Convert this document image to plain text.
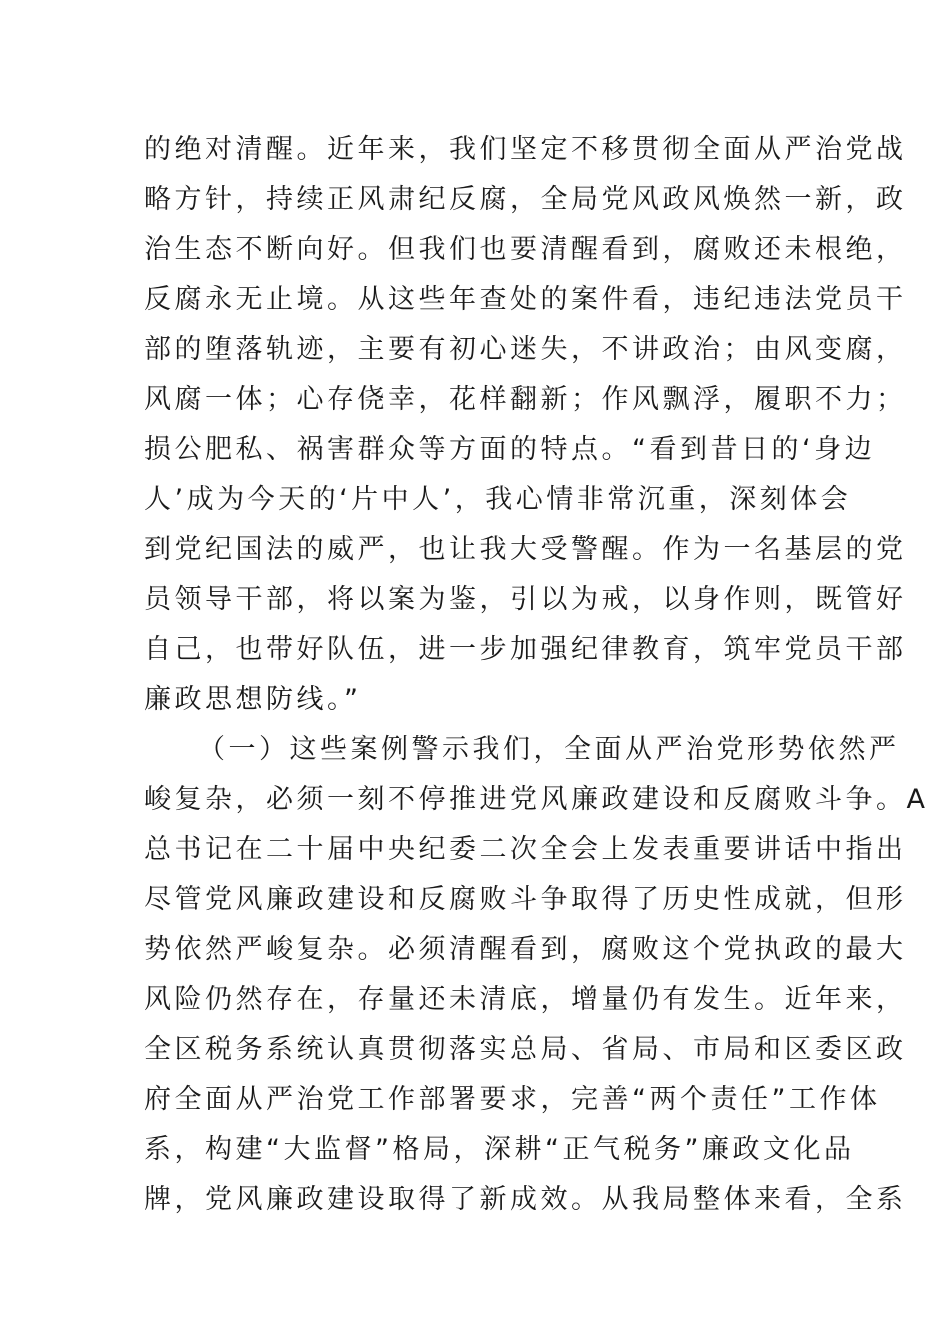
的绝对清醒。近年来，我们坚定不移贯彻全面从严治党战
略方针，持续正风肃纪反腐，全局党风政风焕然一新，政
治生态不断向好。但我们也要清醒看到，腐败还未根绝，
反腐永无止境。从这些年查处的案件看，违纪违法党员干
部的堕落轨迹，主要有初心迷失，不讲政治；由风变腐，
风腐一体；心存侥幸，花样翻新；作风飘浮，履职不力；
损公肥私、祸害群众等方面的特点。“看到昔日的‘身边
人’成为今天的‘片中人’，我心情非常沉重，深刻体会
到党纪国法的威严，也让我大受警醒。作为一名基层的党
员领导干部，将以案为鉴，引以为戒，以身作则，既管好
自己，也带好队伍，进一步加强纪律教育，筑牢党员干部
廉政思想防线。”
（一）这些案例警示我们，全面从严治党形势依然严
峻复杂，必须一刻不停推进党风廉政建设和反腐败斗争。A
总书记在二十届中央纪委二次全会上发表重要讲话中指出
尽管党风廉政建设和反腐败斗争取得了历史性成就，但形
势依然严峻复杂。必须清醒看到，腐败这个党执政的最大
风险仍然存在，存量还未清底，增量仍有发生。近年来，
全区税务系统认真贯彻落实总局、省局、市局和区委区政
府全面从严治党工作部署要求，完善“两个责任”工作体
系，构建“大监督”格局，深耕“正气税务”廉政文化品
牌，党风廉政建设取得了新成效。从我局整体来看，全系
